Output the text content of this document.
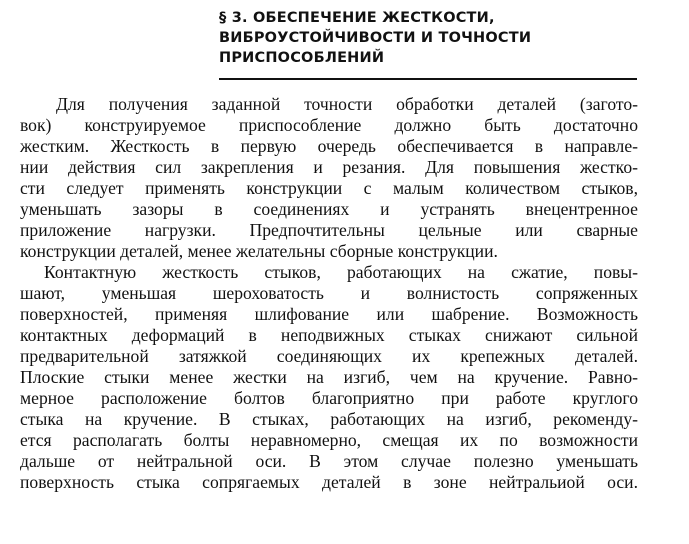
§ 3. ОБЕСПЕЧЕНИЕ ЖЕСТКОСТИ,
ВИБРОУСТОЙЧИВОСТИ И ТОЧНОСТИ
ПРИСПОСОБЛЕНИЙ
Для получения заданной точности обработки деталей (загото-
вок) конструируемое приспособление должно быть достаточно
жестким. Жесткость в первую очередь обеспечивается в направле-
нии действия сил закрепления и резания. Для повышения жестко-
сти следует применять конструкции с малым количеством стыков,
уменьшать зазоры в соединениях и устранять внецентренное
приложение нагрузки. Предпочтительны цельные или сварные
конструкции деталей, менее желательны сборные конструкции.
Контактную жесткость стыков, работающих на сжатие, повы-
шают, уменьшая шероховатость и волнистость сопряженных
поверхностей, применяя шлифование или шабрение. Возможность
контактных деформаций в неподвижных стыках снижают сильной
предварительной затяжкой соединяющих их крепежных деталей.
Плоские стыки менее жестки на изгиб, чем на кручение. Равно-
мерное расположение болтов благоприятно при работе круглого
стыка на кручение. В стыках, работающих на изгиб, рекоменду-
ется располагать болты неравномерно, смещая их по возможности
дальше от нейтральной оси. В этом случае полезно уменьшать
поверхность стыка сопрягаемых деталей в зоне нейтральиой оси.
